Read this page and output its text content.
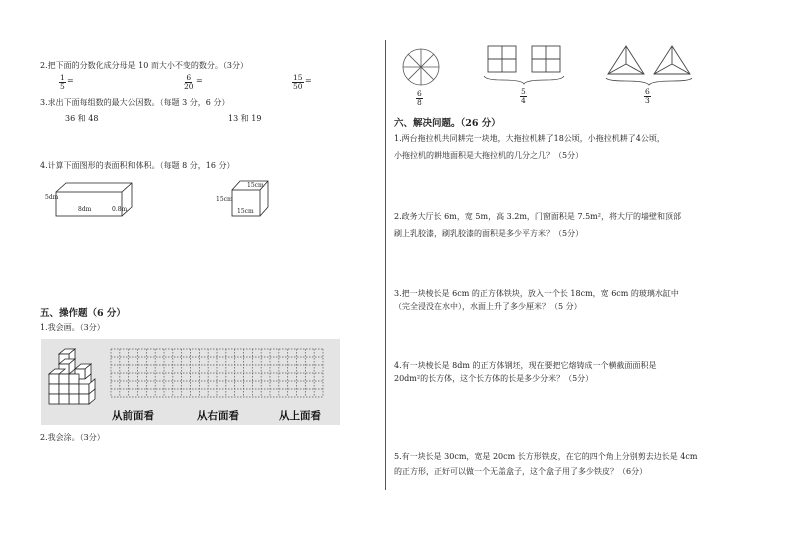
2.把下面的分数化成分母是 10 而大小不变的数分。（3分）
$\frac{1}{5}$ =	$\frac{6}{20}$ =	$\frac{15}{50}$ =
3.求出下面每组数的最大公因数。（每题 3 分，6 分）
36 和 48	13 和 19
4.计算下面图形的表面积和体积。（每题 8 分，16 分）
5dm
8dm	0.8m
15cm
15cm
15cm
五、操作题（6 分）
1.我会画。（3分）
从前面看	从右面看	从上面看
2.我会涂。（3分）
$\frac{6}{8}$	$\frac{5}{4}$	$\frac{6}{3}$
六、解决问题。（26 分）
1.两台拖拉机共同耕完一块地，大拖拉机耕了18公顷，小拖拉机耕了4公顷，
小拖拉机的耕地面积是大拖拉机的几分之几？（5分）
2.政务大厅长 6m，宽 5m，高 3.2m，门窗面积是 7.5m²，将大厅的墙壁和顶部
刷上乳胶漆，刷乳胶漆的面积是多少平方米？（5分）
3.把一块棱长是 6cm 的正方体铁块，放入一个长 18cm，宽 6cm 的玻璃水缸中
（完全浸没在水中），水面上升了多少厘米？（5 分）
4.有一块棱长是 8dm 的正方体钢坯，现在要把它熔铸成一个横截面面积是
20dm²的长方体，这个长方体的长是多少分米？（5分）
5.有一块长是 30cm，宽是 20cm 长方形铁皮，在它的四个角上分别剪去边长是 4cm
的正方形，正好可以做一个无盖盒子，这个盒子用了多少铁皮？（6分）
